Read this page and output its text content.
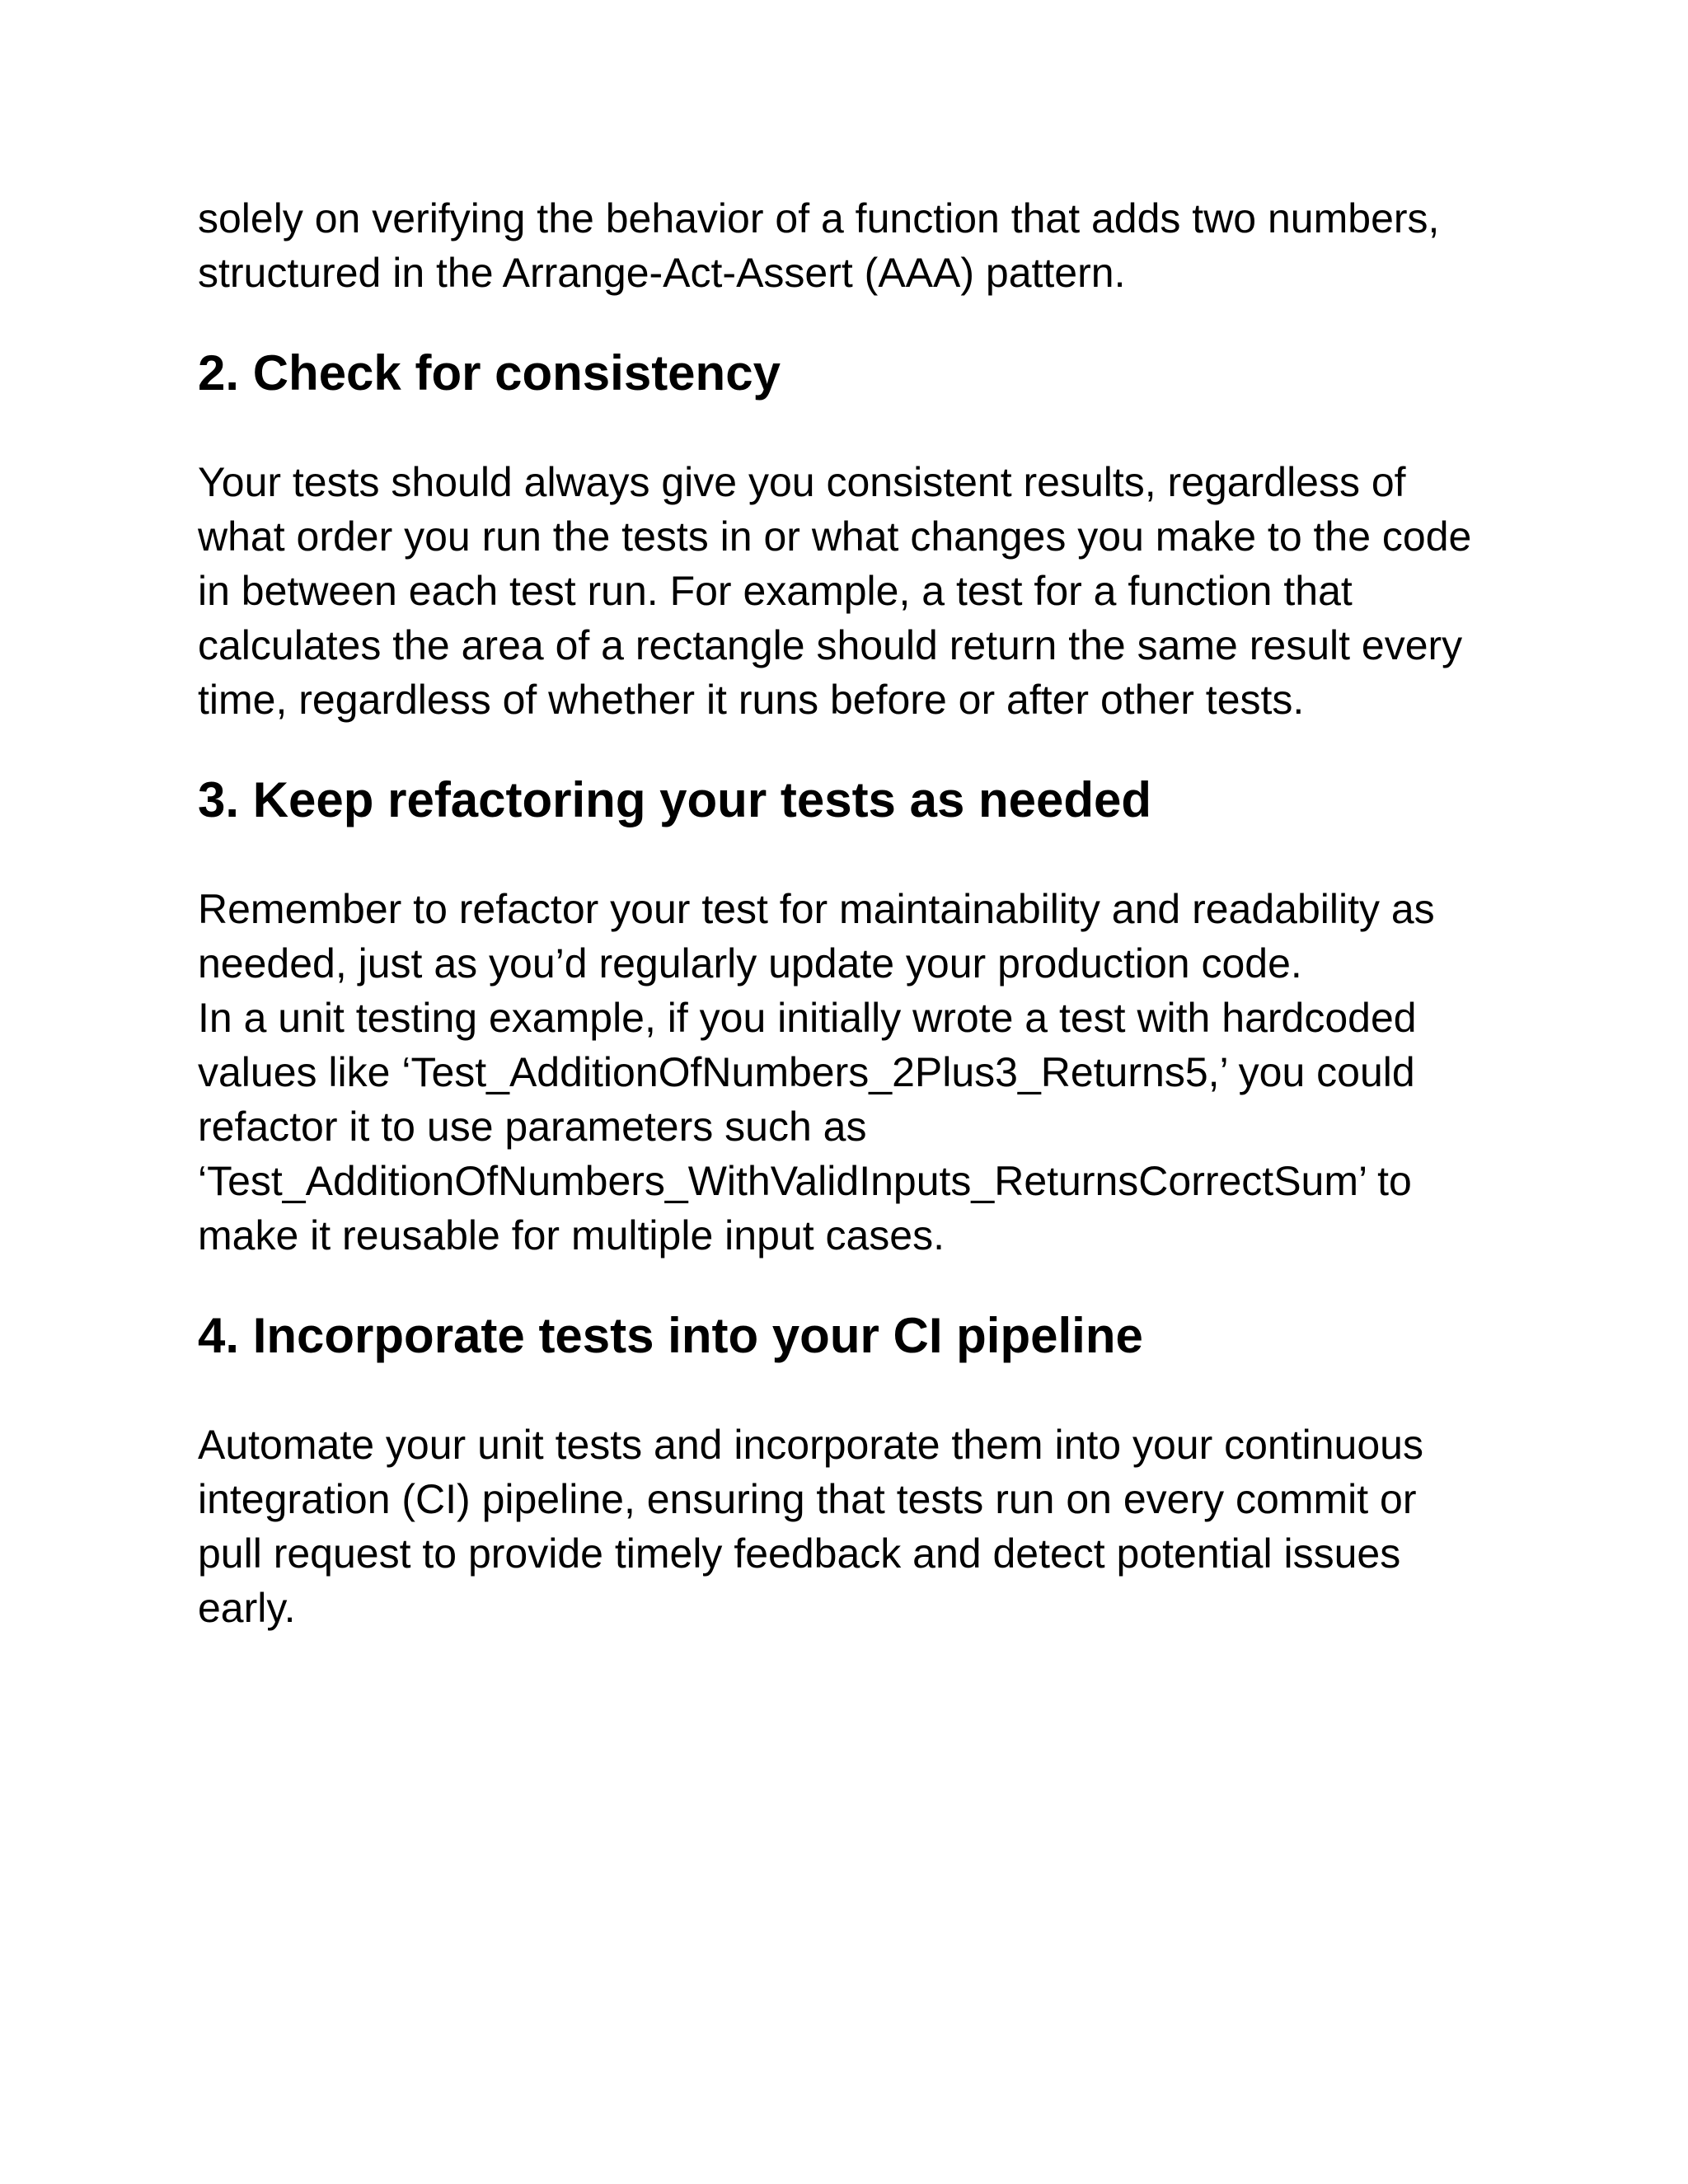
solely on verifying the behavior of a function that adds two numbers,

structured in the Arrange-Act-Assert (AAA) pattern.

2. Check for consistency

Your tests should always give you consistent results, regardless of

what order you run the tests in or what changes you make to the code

in between each test run. For example, a test for a function that

calculates the area of a rectangle should return the same result every

time, regardless of whether it runs before or after other tests.

3. Keep refactoring your tests as needed

Remember to refactor your test for maintainability and readability as

needed, just as you’d regularly update your production code.

In a unit testing example, if you initially wrote a test with hardcoded

values like ‘Test_AdditionOfNumbers_2Plus3_Returns5,’ you could

refactor it to use parameters such as

‘Test_AdditionOfNumbers_WithValidInputs_ReturnsCorrectSum’ to

make it reusable for multiple input cases.

4. Incorporate tests into your CI pipeline

Automate your unit tests and incorporate them into your continuous

integration (CI) pipeline, ensuring that tests run on every commit or

pull request to provide timely feedback and detect potential issues

early.
